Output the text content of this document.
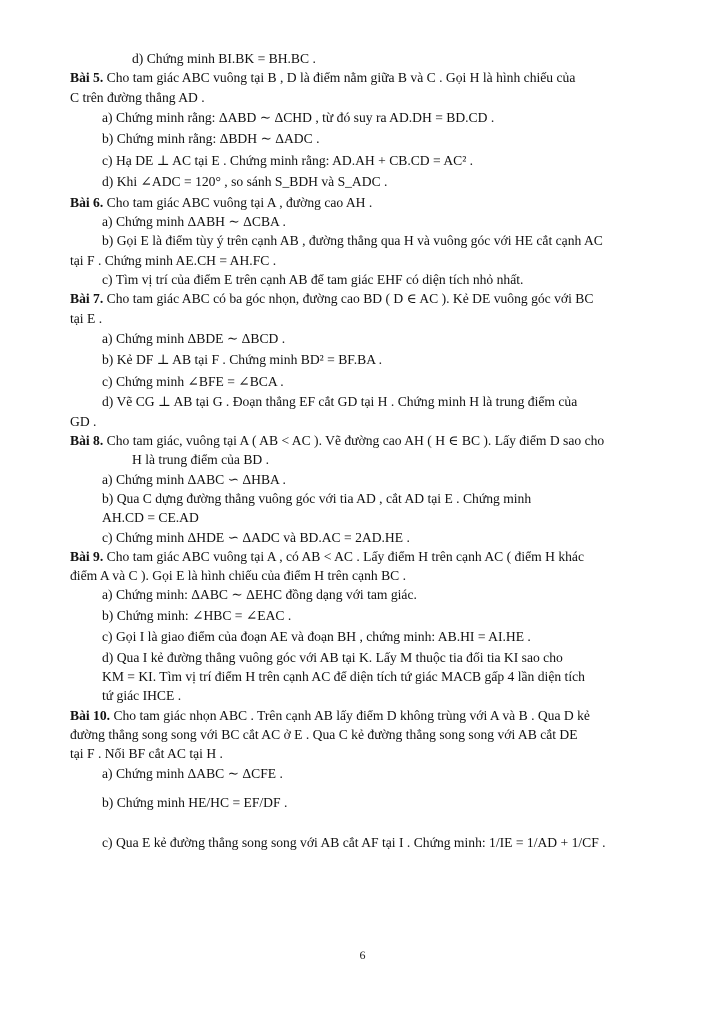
d) Chứng minh BI.BK = BH.BC .
Bài 5. Cho tam giác ABC vuông tại B , D là điểm nằm giữa B và C . Gọi H là hình chiếu của
C trên đường thẳng AD .
a) Chứng minh rằng: ΔABD ∼ ΔCHD , từ đó suy ra AD.DH = BD.CD .
b) Chứng minh rằng: ΔBDH ∼ ΔADC .
c) Hạ DE ⊥ AC tại E . Chứng minh rằng: AD.AH + CB.CD = AC² .
d) Khi ∠ADC = 120° , so sánh S_BDH và S_ADC .
Bài 6. Cho tam giác ABC vuông tại A , đường cao AH .
a) Chứng minh ΔABH ∼ ΔCBA .
b) Gọi E là điểm tùy ý trên cạnh AB , đường thẳng qua H và vuông góc với HE cắt cạnh AC
tại F . Chứng minh AE.CH = AH.FC .
c) Tìm vị trí của điểm E trên cạnh AB để tam giác EHF có diện tích nhỏ nhất.
Bài 7. Cho tam giác ABC có ba góc nhọn, đường cao BD ( D ∈ AC ). Kẻ DE vuông góc với BC
tại E .
a) Chứng minh ΔBDE ∼ ΔBCD .
b) Kẻ DF ⊥ AB tại F . Chứng minh BD² = BF.BA .
c) Chứng minh ∠BFE = ∠BCA .
d) Vẽ CG ⊥ AB tại G . Đoạn thẳng EF cắt GD tại H . Chứng minh H là trung điểm của
GD .
Bài 8. Cho tam giác, vuông tại A ( AB < AC ). Vẽ đường cao AH ( H ∈ BC ). Lấy điểm D sao cho
H là trung điểm của BD .
a) Chứng minh ΔABC ∽ ΔHBA .
b) Qua C dựng đường thẳng vuông góc với tia AD , cắt AD tại E . Chứng minh
AH.CD = CE.AD
c) Chứng minh ΔHDE ∽ ΔADC và BD.AC = 2AD.HE .
Bài 9. Cho tam giác ABC vuông tại A , có AB < AC . Lấy điểm H trên cạnh AC ( điểm H khác
điểm A và C ). Gọi E là hình chiếu của điểm H trên cạnh BC .
a) Chứng minh: ΔABC ∼ ΔEHC đồng dạng với tam giác.
b) Chứng minh: ∠HBC = ∠EAC .
c) Gọi I là giao điểm của đoạn AE và đoạn BH , chứng minh: AB.HI = AI.HE .
d) Qua I kẻ đường thẳng vuông góc với AB tại K. Lấy M thuộc tia đối tia KI sao cho
KM = KI. Tìm vị trí điểm H trên cạnh AC để diện tích tứ giác MACB gấp 4 lần diện tích
tứ giác IHCE .
Bài 10. Cho tam giác nhọn ABC . Trên cạnh AB lấy điểm D không trùng với A và B . Qua D kẻ
đường thẳng song song với BC cắt AC ở E . Qua C kẻ đường thẳng song song với AB cắt DE
tại F . Nối BF cắt AC tại H .
a) Chứng minh ΔABC ∼ ΔCFE .
b) Chứng minh HE/HC = EF/DF .
c) Qua E kẻ đường thẳng song song với AB cắt AF tại I . Chứng minh: 1/IE = 1/AD + 1/CF .
6
